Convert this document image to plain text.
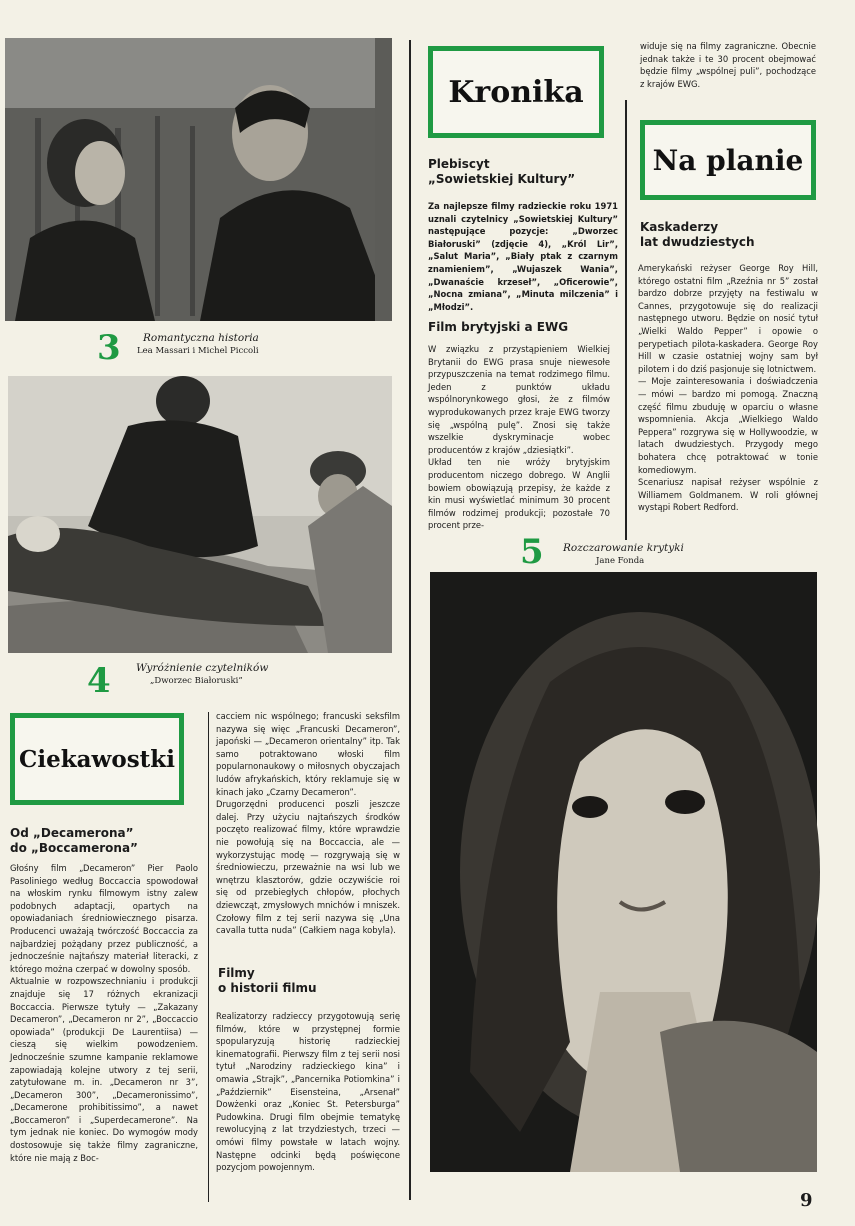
3 Romantyczna historia
Lea Massari i Michel Piccoli
Wyróżnienie czytelników
„Dworzec Białoruski”
4
5 Rozczarowanie krytyki
Jane Fonda
Kronika
Plebiscyt
„Sowietskiej Kultury”
Za najlepsze filmy radzieckie roku 1971 uznali czytelnicy „Sowietskiej Kultury” następujące pozycje: „Dworzec Białoruski” (zdjęcie 4), „Król Lir”, „Salut Maria”, „Biały ptak z czarnym znamieniem”, „Wujaszek Wania”, „Dwanaście krzeseł”, „Oficerowie”, „Nocna zmiana”, „Minuta milczenia” i „Młodzi”.
Film brytyjski a EWG
W związku z przystąpieniem Wielkiej Brytanii do EWG prasa snuje niewesołe przypuszczenia na temat rodzimego filmu. Jeden z punktów układu wspólnorynkowego głosi, że z filmów wyprodukowanych przez kraje EWG tworzy się „wspólną pulę”. Znosi się także wszelkie dyskryminacje wobec producentów z krajów „dziesiątki”.
Układ ten nie wróży brytyjskim producentom niczego dobrego. W Anglii bowiem obowiązują przepisy, że każde z kin musi wyświetlać minimum 30 procent filmów rodzimej produkcji; pozostałe 70 procent prze-
widuje się na filmy zagraniczne. Obecnie jednak także i te 30 procent obejmować będzie filmy „wspólnej puli”, pochodzące z krajów EWG.
Na planie
Kaskaderzy
lat dwudziestych
Amerykański reżyser George Roy Hill, którego ostatni film „Rzeźnia nr 5” został bardzo dobrze przyjęty na festiwalu w Cannes, przygotowuje się do realizacji następnego utworu. Będzie on nosić tytuł „Wielki Waldo Pepper” i opowie o perypetiach pilota-kaskadera. George Roy Hill w czasie ostatniej wojny sam był pilotem i do dziś pasjonuje się lotnictwem.
— Moje zainteresowania i doświadczenia — mówi — bardzo mi pomogą. Znaczną część filmu zbuduję w oparciu o własne wspomnienia. Akcja „Wielkiego Waldo Peppera” rozgrywa się w Hollywoodzie, w latach dwudziestych. Przygody mego bohatera chcę potraktować w tonie komediowym.
Scenariusz napisał reżyser wspólnie z Williamem Goldmanem. W roli głównej wystąpi Robert Redford.
Ciekawostki
Od „Decamerona”
do „Boccamerona”
Głośny film „Decameron” Pier Paolo Pasoliniego według Boccaccia spowodował na włoskim rynku filmowym istny zalew podobnych adaptacji, opartych na opowiadaniach średniowiecznego pisarza. Producenci uważają twórczość Boccaccia za najbardziej pożądany przez publiczność, a jednocześnie najtańszy materiał literacki, z którego można czerpać w dowolny sposób.
Aktualnie w rozpowszechnianiu i produkcji znajduje się 17 różnych ekranizacji Boccaccia. Pierwsze tytuły — „Zakazany Decameron”, „Decameron nr 2”, „Boccaccio opowiada” (produkcji De Laurentiisa) — cieszą się wielkim powodzeniem. Jednocześnie szumne kampanie reklamowe zapowiadają kolejne utwory z tej serii, zatytułowane m. in. „Decameron nr 3”, „Decameron 300”, „Decameronissimo”, „Decamerone prohibitissimo”, a nawet „Boccameron” i „Superdecamerone”. Na tym jednak nie koniec. Do wymogów mody dostosowuje się także filmy zagraniczne, które nie mają z Boc-
cacciem nic wspólnego; francuski seksfilm nazywa się więc „Francuski Decameron”, japoński — „Decameron orientalny” itp. Tak samo potraktowano włoski film popularnonaukowy o miłosnych obyczajach ludów afrykańskich, który reklamuje się w kinach jako „Czarny Decameron”.
Drugorzędni producenci poszli jeszcze dalej. Przy użyciu najtańszych środków poczęto realizować filmy, które wprawdzie nie powołują się na Boccaccia, ale — wykorzystując modę — rozgrywają się w średniowieczu, przeważnie na wsi lub we wnętrzu klasztorów, gdzie oczywiście roi się od przebiegłych chłopów, płochych dziewcząt, zmysłowych mnichów i mniszek. Czołowy film z tej serii nazywa się „Una cavalla tutta nuda” (Całkiem naga kobyla).
Filmy
o historii filmu
Realizatorzy radzieccy przygotowują serię filmów, które w przystępnej formie spopularyzują historię radzieckiej kinematografii. Pierwszy film z tej serii nosi tytuł „Narodziny radzieckiego kina” i omawia „Strajk”, „Pancernika Potiomkina” i „Październik” Eisensteina, „Arsenał” Dowżenki oraz „Koniec St. Petersburga” Pudowkina. Drugi film obejmie tematykę rewolucyjną z lat trzydziestych, trzeci — omówi filmy powstałe w latach wojny. Następne odcinki będą poświęcone pozycjom powojennym.
9
